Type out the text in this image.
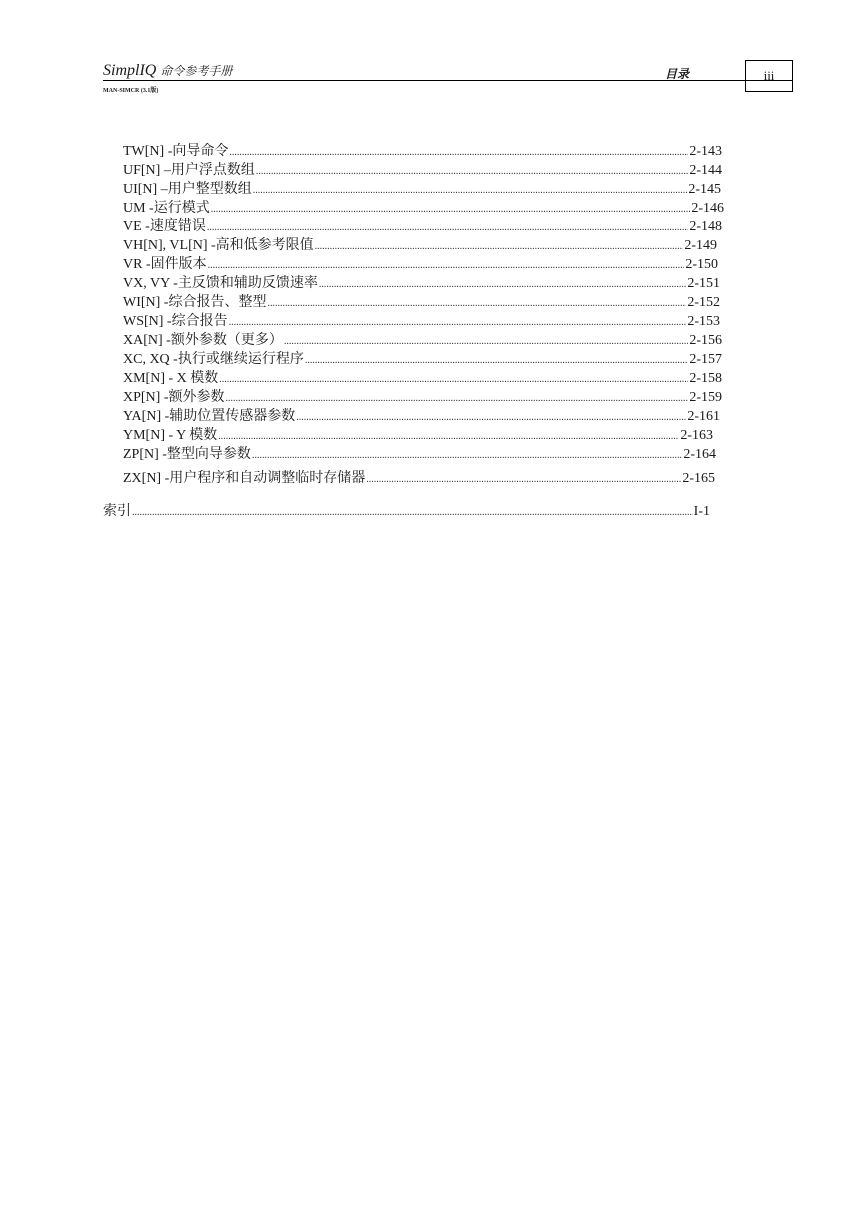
SimplIQ 命令参考手册
MAN-SIMCR (3.1版)
目录	iii
TW[N] -向导命令 .....	2-143
UF[N] –用户浮点数组 .....	2-144
UI[N] –用户整型数组 .....	2-145
UM -运行模式 .....	2-146
VE -速度错误 .....	2-148
VH[N], VL[N] -高和低参考限值 .....	2-149
VR -固件版本 .....	2-150
VX, VY -主反馈和辅助反馈速率 .....	2-151
WI[N] -综合报告、整型 .....	2-152
WS[N] -综合报告 .....	2-153
XA[N] -额外参数（更多） .....	2-156
XC, XQ -执行或继续运行程序 .....	2-157
XM[N] - X 模数 .....	2-158
XP[N] -额外参数 .....	2-159
YA[N] -辅助位置传感器参数 .....	2-161
YM[N] - Y 模数 .....	2-163
ZP[N] -整型向导参数 .....	2-164
ZX[N] -用户程序和自动调整临时存储器 .....	2-165
索引 .....	I-1
